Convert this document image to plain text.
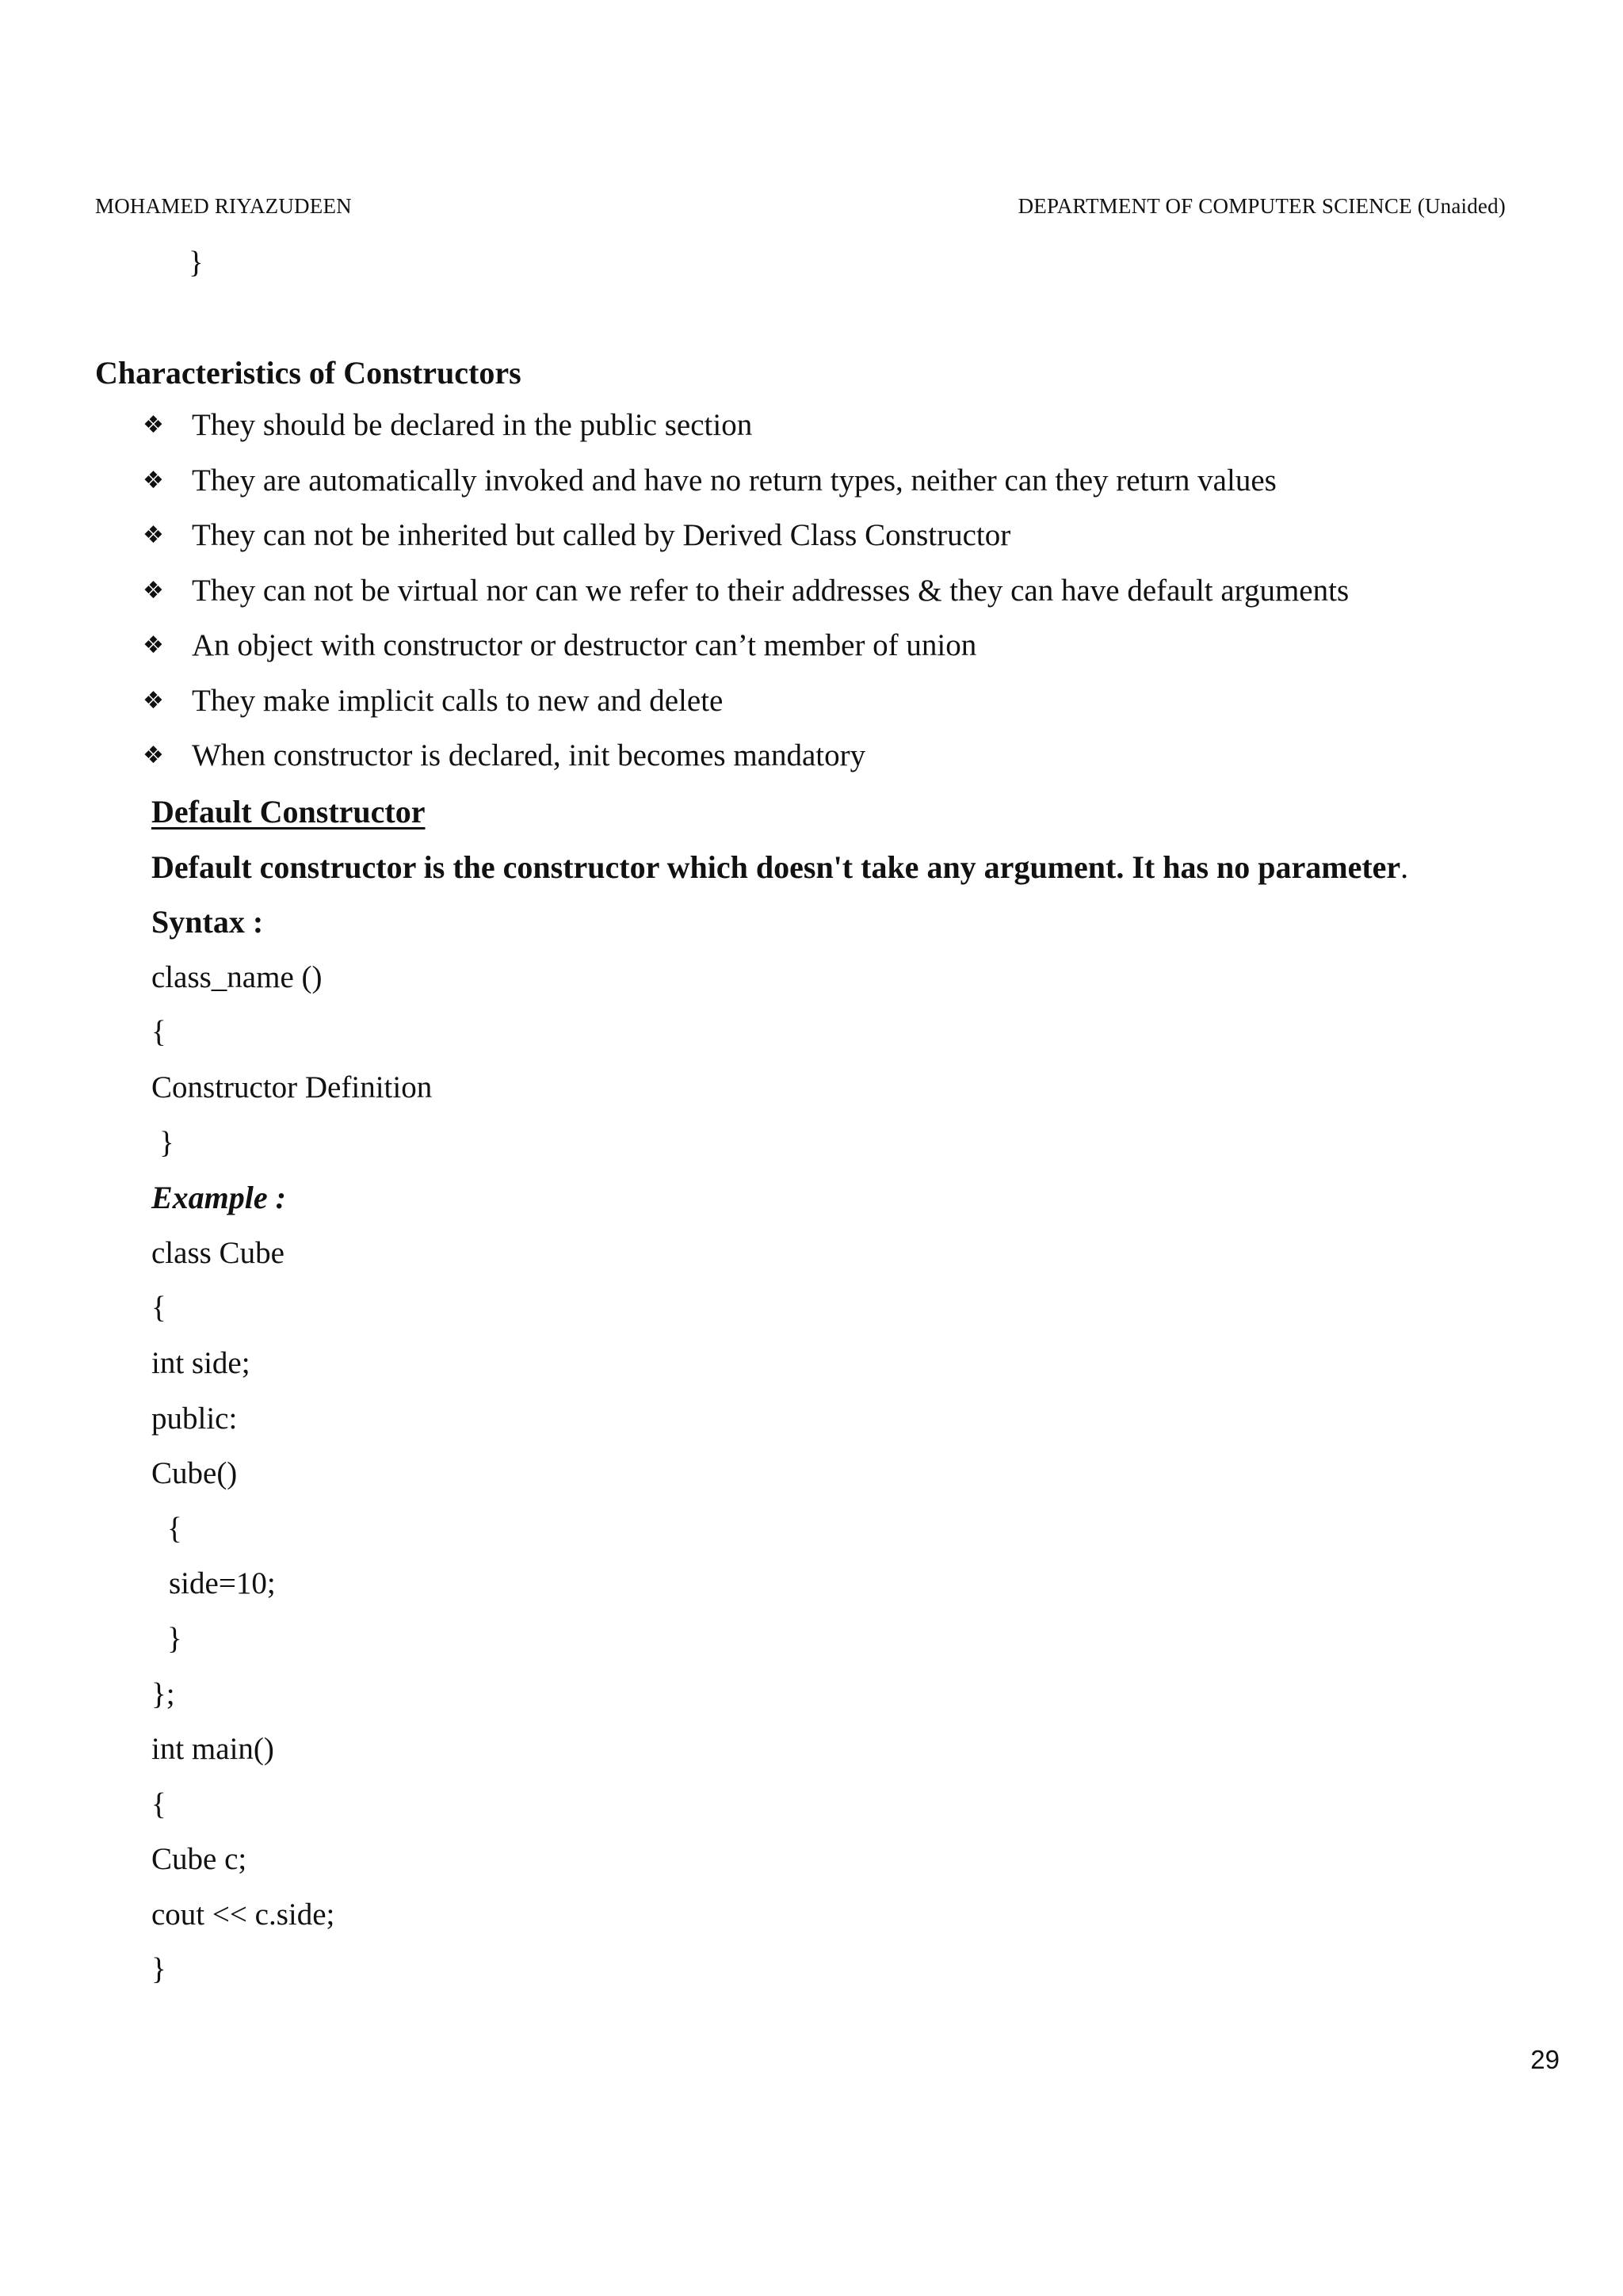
MOHAMED RIYAZUDEEN	DEPARTMENT OF COMPUTER SCIENCE (Unaided)
}
Characteristics of Constructors
❖ They should be declared in the public section
❖ They are automatically invoked and have no return types, neither can they return values
❖ They can not be inherited but called by Derived Class Constructor
❖ They can not be virtual nor can we refer to their addresses & they can have default arguments
❖ An object with constructor or destructor can’t member of union
❖ They make implicit calls to new and delete
❖ When constructor is declared, init becomes mandatory
Default Constructor
Default constructor is the constructor which doesn't take any argument. It has no parameter.
Syntax :
class_name ()
{
Constructor Definition
}
Example :
class Cube
{
int side;
public:
Cube()
{
side=10;
}
};
int main()
{
Cube c;
cout << c.side;
}
29
